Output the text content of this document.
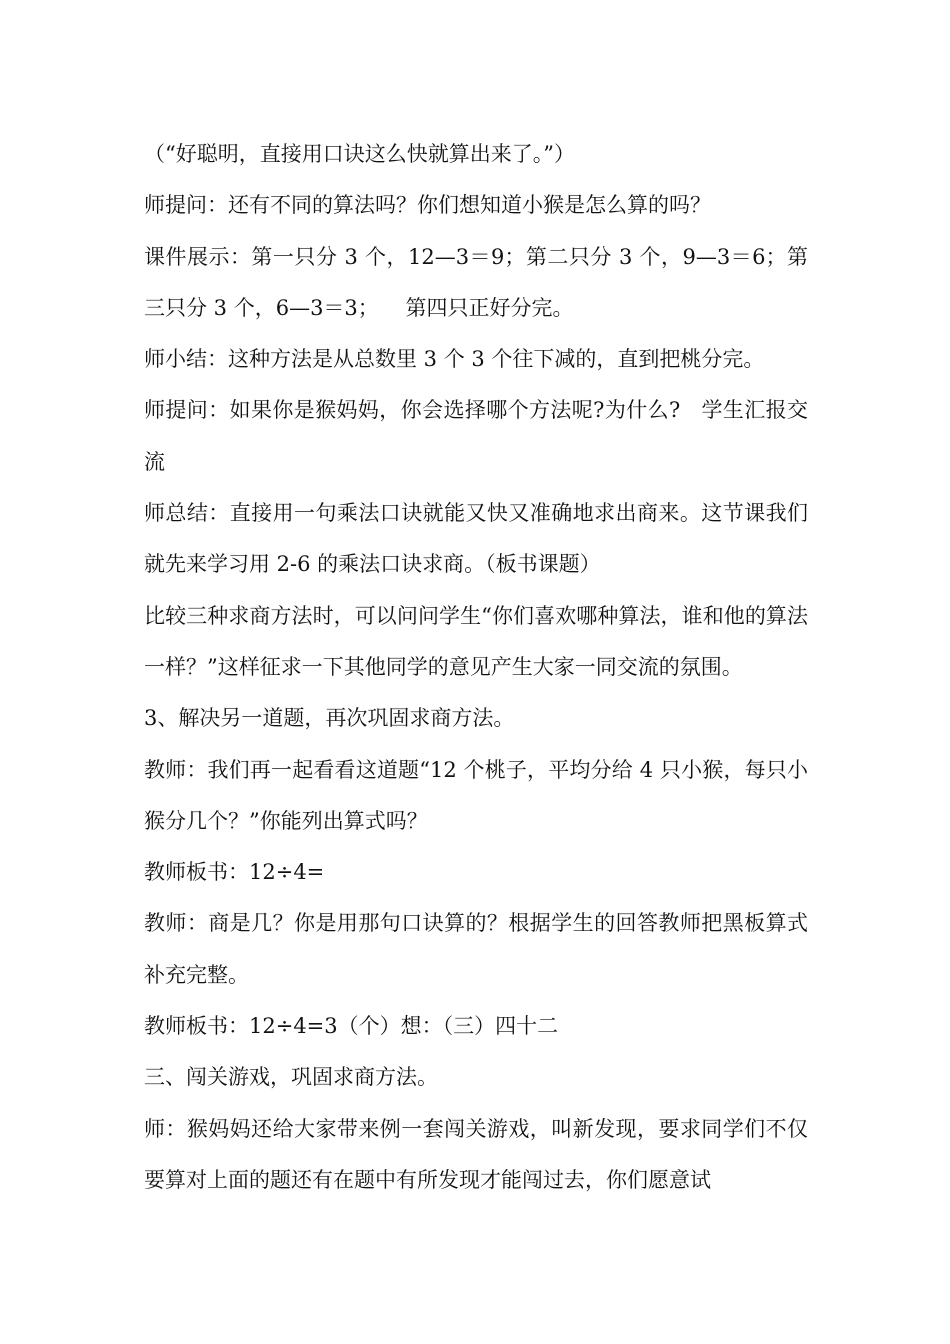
（“好聪明，直接用口诀这么快就算出来了。”）

师提问：还有不同的算法吗？你们想知道小猴是怎么算的吗？

课件展示：第一只分 3 个，12—3＝9；第二只分 3 个，9—3＝6；第三只分 3 个，6—3＝3；    第四只正好分完。

师小结：这种方法是从总数里 3 个 3 个往下减的，直到把桃分完。

师提问：如果你是猴妈妈，你会选择哪个方法呢?为什么?   学生汇报交流

师总结：直接用一句乘法口诀就能又快又准确地求出商来。这节课我们就先来学习用 2-6 的乘法口诀求商。（板书课题）

比较三种求商方法时，可以问问学生“你们喜欢哪种算法，谁和他的算法一样？”这样征求一下其他同学的意见产生大家一同交流的氛围。

3、解决另一道题，再次巩固求商方法。

教师：我们再一起看看这道题“12 个桃子，平均分给 4 只小猴，每只小猴分几个？”你能列出算式吗？

教师板书：12÷4=

教师：商是几？你是用那句口诀算的？根据学生的回答教师把黑板算式补充完整。

教师板书：12÷4=3（个）想：（三）四十二

三、闯关游戏，巩固求商方法。

师：猴妈妈还给大家带来例一套闯关游戏，叫新发现，要求同学们不仅要算对上面的题还有在题中有所发现才能闯过去，你们愿意试
